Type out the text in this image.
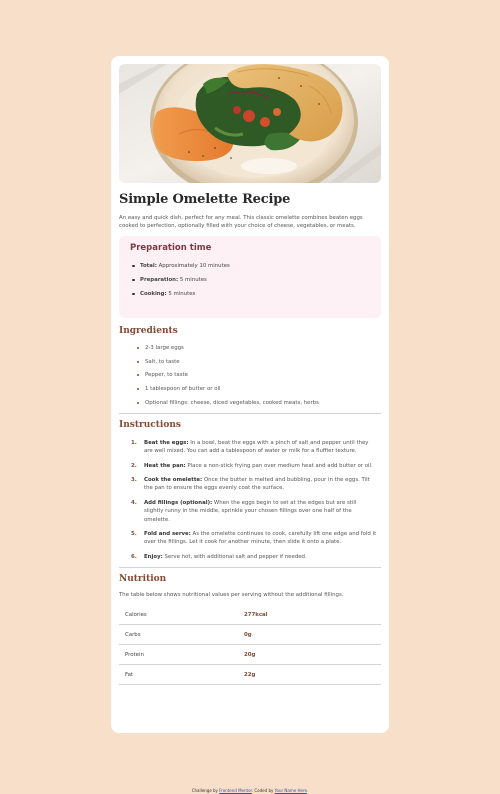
Simple Omelette Recipe

An easy and quick dish, perfect for any meal. This classic omelette combines beaten eggs cooked to perfection, optionally filled with your choice of cheese, vegetables, or meats.

Preparation time
Total: Approximately 10 minutes
Preparation: 5 minutes
Cooking: 5 minutes
Ingredients
2-3 large eggs
Salt, to taste
Pepper, to taste
1 tablespoon of butter or oil
Optional fillings: cheese, diced vegetables, cooked meats, herbs
Instructions
1.	Beat the eggs: In a bowl, beat the eggs with a pinch of salt and pepper until they are well mixed. You can add a tablespoon of water or milk for a fluffier texture.
2.	Heat the pan: Place a non-stick frying pan over medium heat and add butter or oil.
3.	Cook the omelette: Once the butter is melted and bubbling, pour in the eggs. Tilt the pan to ensure the eggs evenly coat the surface.
4.	Add fillings (optional): When the eggs begin to set at the edges but are still slightly runny in the middle, sprinkle your chosen fillings over one half of the omelette.
5.	Fold and serve: As the omelette continues to cook, carefully lift one edge and fold it over the fillings. Let it cook for another minute, then slide it onto a plate.
6.	Enjoy: Serve hot, with additional salt and pepper if needed.
Nutrition

The table below shows nutritional values per serving without the additional fillings.

Calories	277kcal
Carbs	0g
Protein	20g
Fat	22g
Challenge by Frontend Mentor. Coded by Your Name Here.
